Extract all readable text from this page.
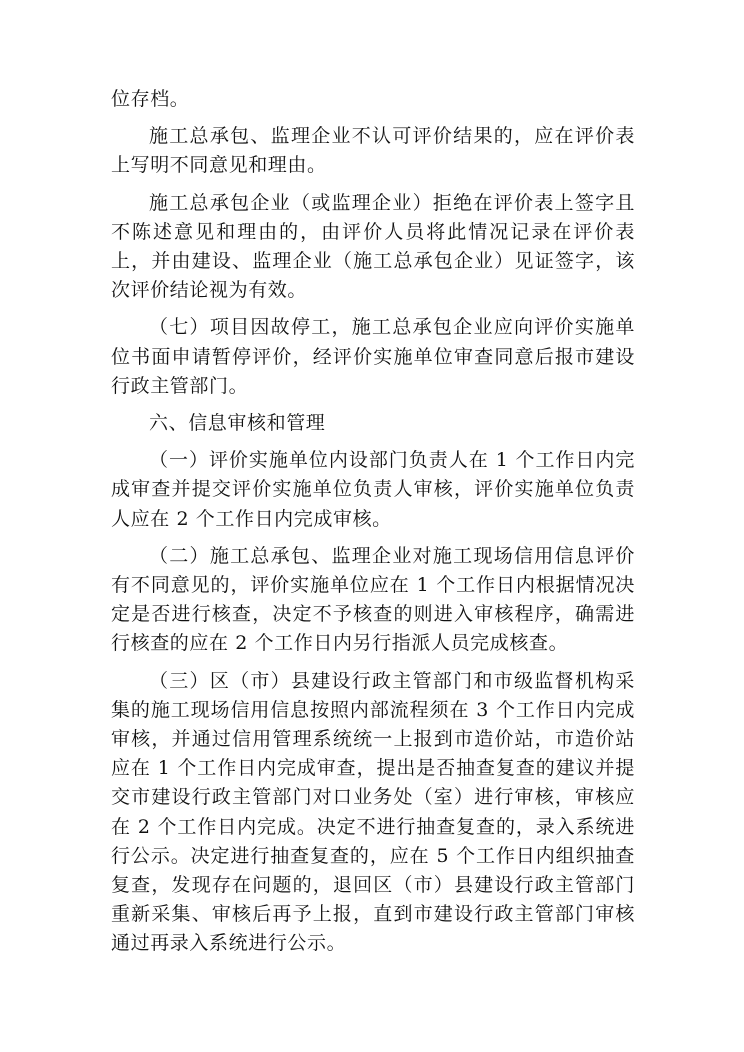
位存档。

施工总承包、监理企业不认可评价结果的，应在评价表上写明不同意见和理由。

施工总承包企业（或监理企业）拒绝在评价表上签字且不陈述意见和理由的，由评价人员将此情况记录在评价表上，并由建设、监理企业（施工总承包企业）见证签字，该次评价结论视为有效。

（七）项目因故停工，施工总承包企业应向评价实施单位书面申请暂停评价，经评价实施单位审查同意后报市建设行政主管部门。

六、信息审核和管理

（一）评价实施单位内设部门负责人在 1 个工作日内完成审查并提交评价实施单位负责人审核，评价实施单位负责人应在 2 个工作日内完成审核。

（二）施工总承包、监理企业对施工现场信用信息评价有不同意见的，评价实施单位应在 1 个工作日内根据情况决定是否进行核查，决定不予核查的则进入审核程序，确需进行核查的应在 2 个工作日内另行指派人员完成核查。

（三）区（市）县建设行政主管部门和市级监督机构采集的施工现场信用信息按照内部流程须在 3 个工作日内完成审核，并通过信用管理系统统一上报到市造价站，市造价站应在 1 个工作日内完成审查，提出是否抽查复查的建议并提交市建设行政主管部门对口业务处（室）进行审核，审核应在 2 个工作日内完成。决定不进行抽查复查的，录入系统进行公示。决定进行抽查复查的，应在 5 个工作日内组织抽查复查，发现存在问题的，退回区（市）县建设行政主管部门重新采集、审核后再予上报，直到市建设行政主管部门审核通过再录入系统进行公示。
